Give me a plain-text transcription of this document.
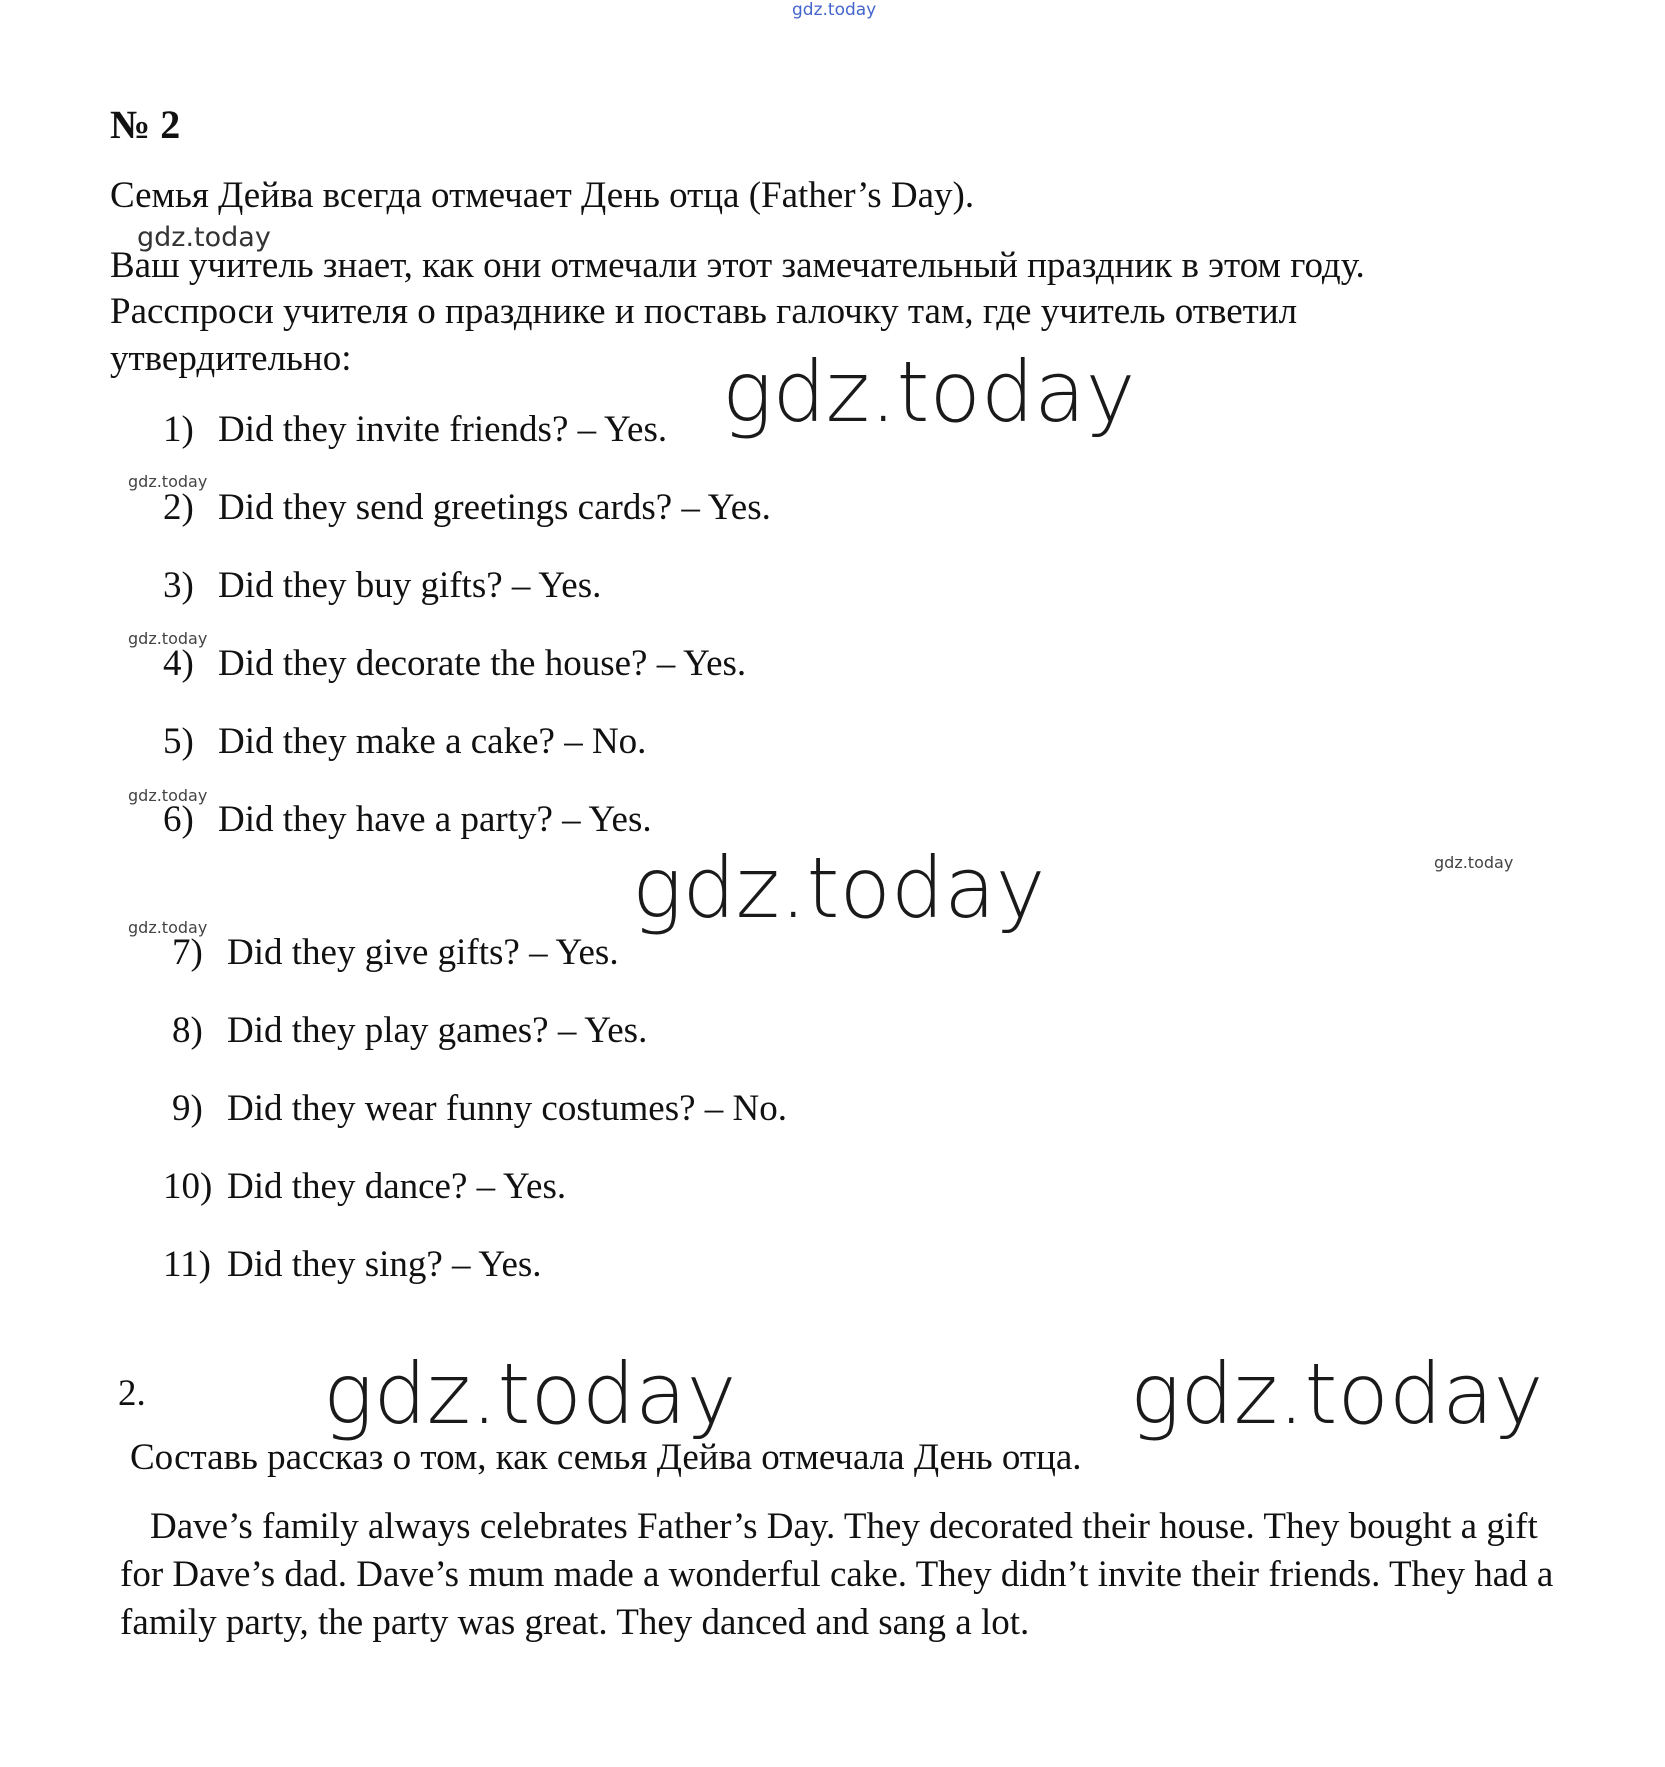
gdz.today
№ 2
Семья Дейва всегда отмечает День отца (Father’s Day).
gdz.today
Ваш учитель знает, как они отмечали этот замечательный праздник в этом году.
Расспроси учителя о празднике и поставь галочку там, где учитель ответил
утвердительно:
1) Did they invite friends? – Yes.
2) Did they send greetings cards? – Yes.
3) Did they buy gifts? – Yes.
4) Did they decorate the house? – Yes.
5) Did they make a cake? – No.
6) Did they have a party? – Yes.
7) Did they give gifts? – Yes.
8) Did they play games? – Yes.
9) Did they wear funny costumes? – No.
10) Did they dance? – Yes.
11) Did they sing? – Yes.
gdz.today
gdz.today
gdz.today
gdz.today
gdz.today
gdz.today
gdz.today
2. gdz.today	gdz.today
Составь рассказ о том, как семья Дейва отмечала День отца.
Dave’s family always celebrates Father’s Day. They decorated their house. They bought a gift for Dave’s dad. Dave’s mum made a wonderful cake. They didn’t invite their friends. They had a family party, the party was great. They danced and sang a lot.
